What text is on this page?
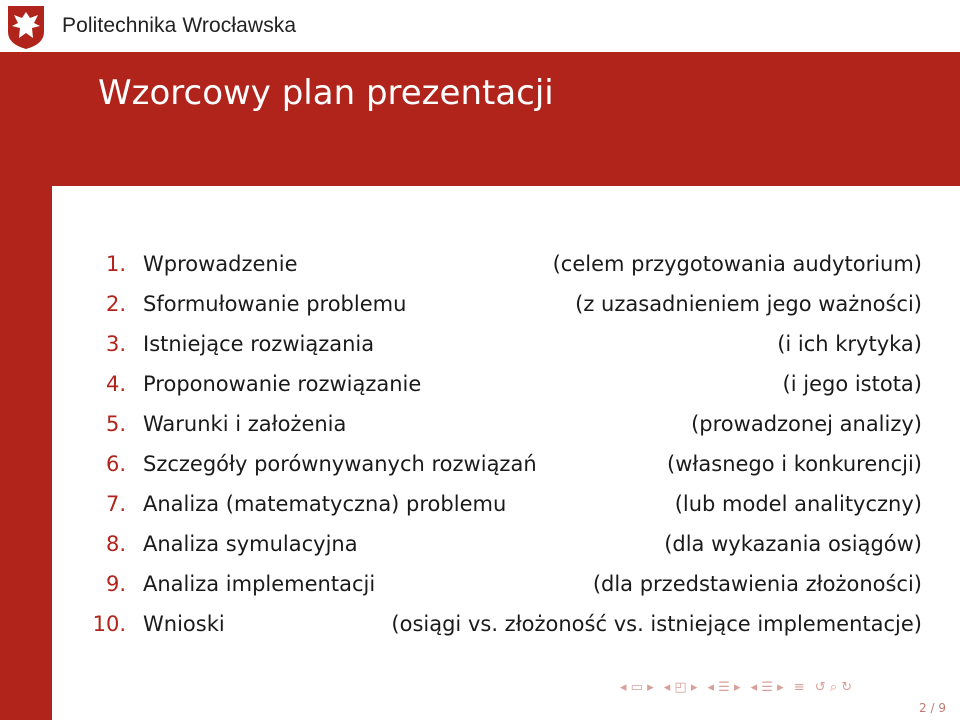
Politechnika Wrocławska
Wzorcowy plan prezentacji
1. Wprowadzenie	(celem przygotowania audytorium)
2. Sformułowanie problemu	(z uzasadnieniem jego ważności)
3. Istniejące rozwiązania	(i ich krytyka)
4. Proponowanie rozwiązanie	(i jego istota)
5. Warunki i założenia	(prowadzonej analizy)
6. Szczegóły porównywanych rozwiązań	(własnego i konkurencji)
7. Analiza (matematyczna) problemu	(lub model analityczny)
8. Analiza symulacyjna	(dla wykazania osiągów)
9. Analiza implementacji	(dla przedstawienia złożoności)
10. Wnioski	(osiągi vs. złożoność vs. istniejące implementacje)
◂ ▭ ▸ ◂ ◰ ▸ ◂ ☰ ▸ ◂ ☰ ▸ ≡ ↺ ⌕ ↻
2 / 9
